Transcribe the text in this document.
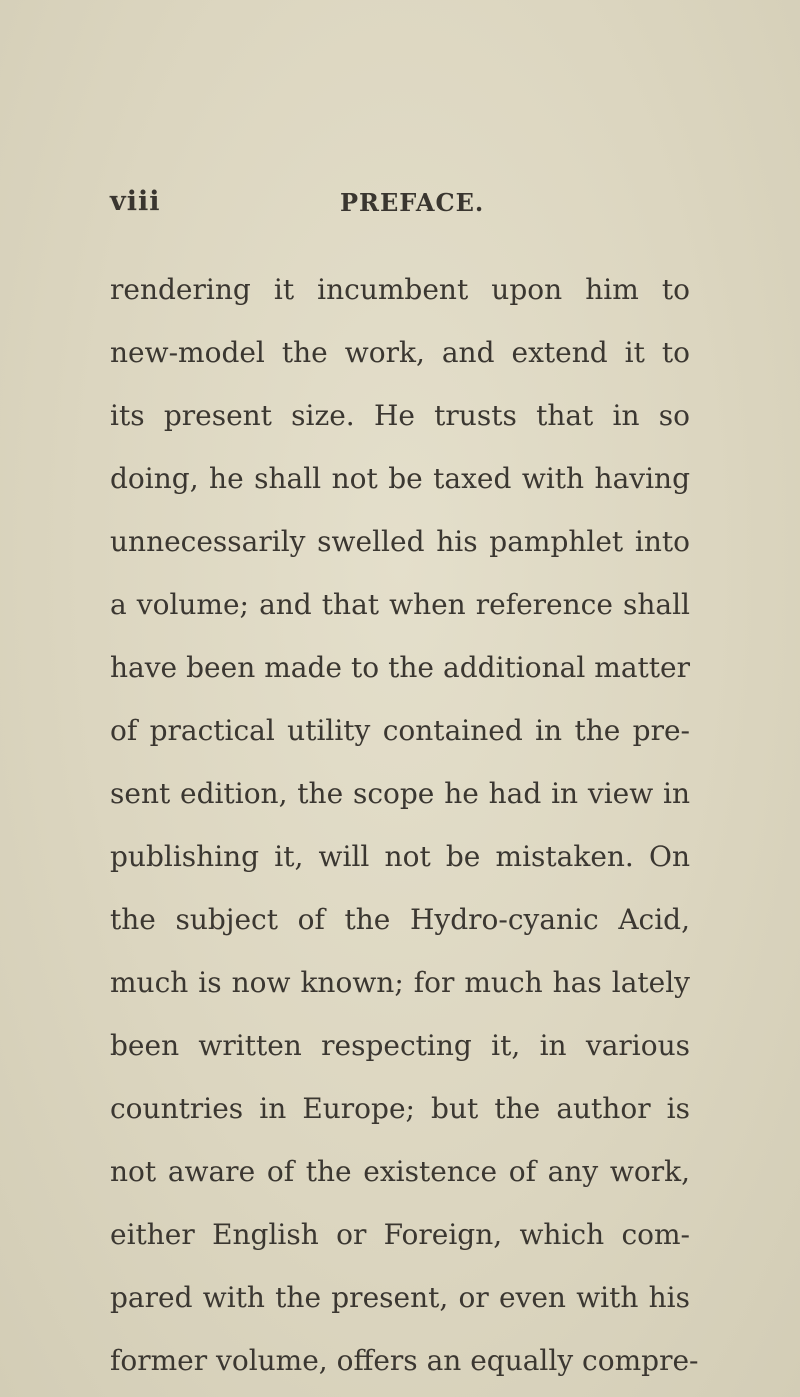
viii	PREFACE.
rendering it incumbent upon him to
new-model the work, and extend it to
its present size. He trusts that in so
doing, he shall not be taxed with having
unnecessarily swelled his pamphlet into
a volume; and that when reference shall
have been made to the additional matter
of practical utility contained in the pre-
sent edition, the scope he had in view in
publishing it, will not be mistaken. On
the subject of the Hydro-cyanic Acid,
much is now known; for much has lately
been written respecting it, in various
countries in Europe; but the author is
not aware of the existence of any work,
either English or Foreign, which com-
pared with the present, or even with his
former volume, offers an equally compre-
